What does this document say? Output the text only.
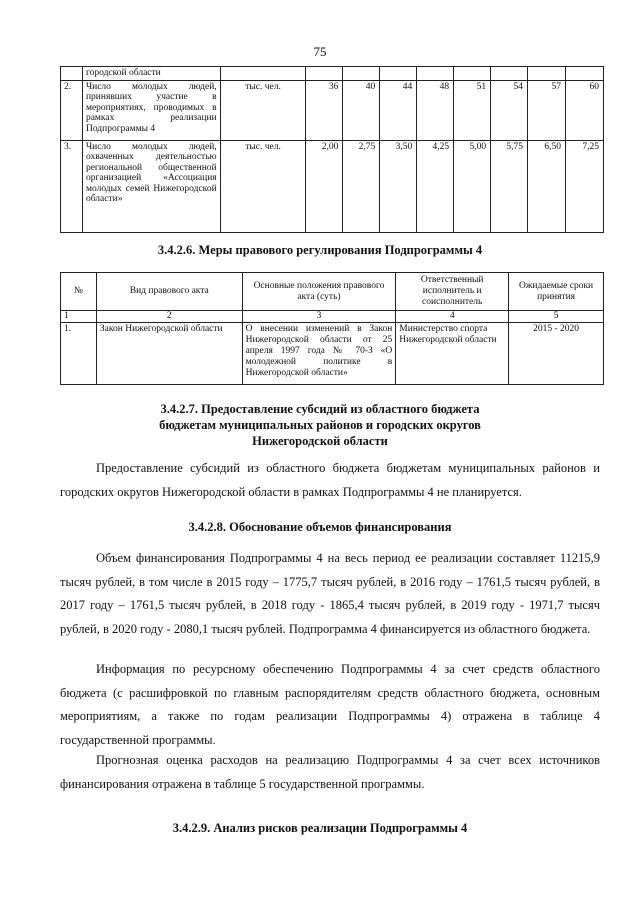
75
	городской области									
2.	Число молодых людей, принявших участие в мероприятиях, проводимых в рамках реализации Подпрограммы 4	тыс. чел.	36	40	44	48	51	54	57	60
3.	Число молодых людей, охваченных деятельностью региональной общественной организацией «Ассоциация молодых семей Нижегородской области»	тыс. чел.	2,00	2,75	3,50	4,25	5,00	5,75	6,50	7,25
3.4.2.6. Меры правового регулирования Подпрограммы 4
№	Вид правового акта	Основные положения правового акта (суть)	Ответственный исполнитель и соисполнитель	Ожидаемые сроки принятия
1	2	3	4	5
1.	Закон Нижегородской области	О внесении изменений в Закон Нижегородской области от 25 апреля 1997 года № 70-З «О молодежной политике в Нижегородской области»	Министерство спорта Нижегородской области	2015 - 2020
3.4.2.7. Предоставление субсидий из областного бюджета
бюджетам муниципальных районов и городских округов
Нижегородской области
Предоставление субсидий из областного бюджета бюджетам муниципальных районов и городских округов Нижегородской области в рамках Подпрограммы 4 не планируется.
3.4.2.8. Обоснование объемов финансирования
Объем финансирования Подпрограммы 4 на весь период ее реализации составляет 11215,9 тысяч рублей, в том числе в 2015 году – 1775,7 тысяч рублей, в 2016 году – 1761,5 тысяч рублей, в 2017 году – 1761,5 тысяч рублей, в 2018 году - 1865,4 тысяч рублей, в 2019 году - 1971,7 тысяч рублей, в 2020 году - 2080,1 тысяч рублей. Подпрограмма 4 финансируется из областного бюджета.
Информация по ресурсному обеспечению Подпрограммы 4 за счет средств областного бюджета (с расшифровкой по главным распорядителям средств областного бюджета, основным мероприятиям, а также по годам реализации Подпрограммы 4) отражена в таблице 4 государственной программы.
Прогнозная оценка расходов на реализацию Подпрограммы 4 за счет всех источников финансирования отражена в таблице 5 государственной программы.
3.4.2.9. Анализ рисков реализации Подпрограммы 4
